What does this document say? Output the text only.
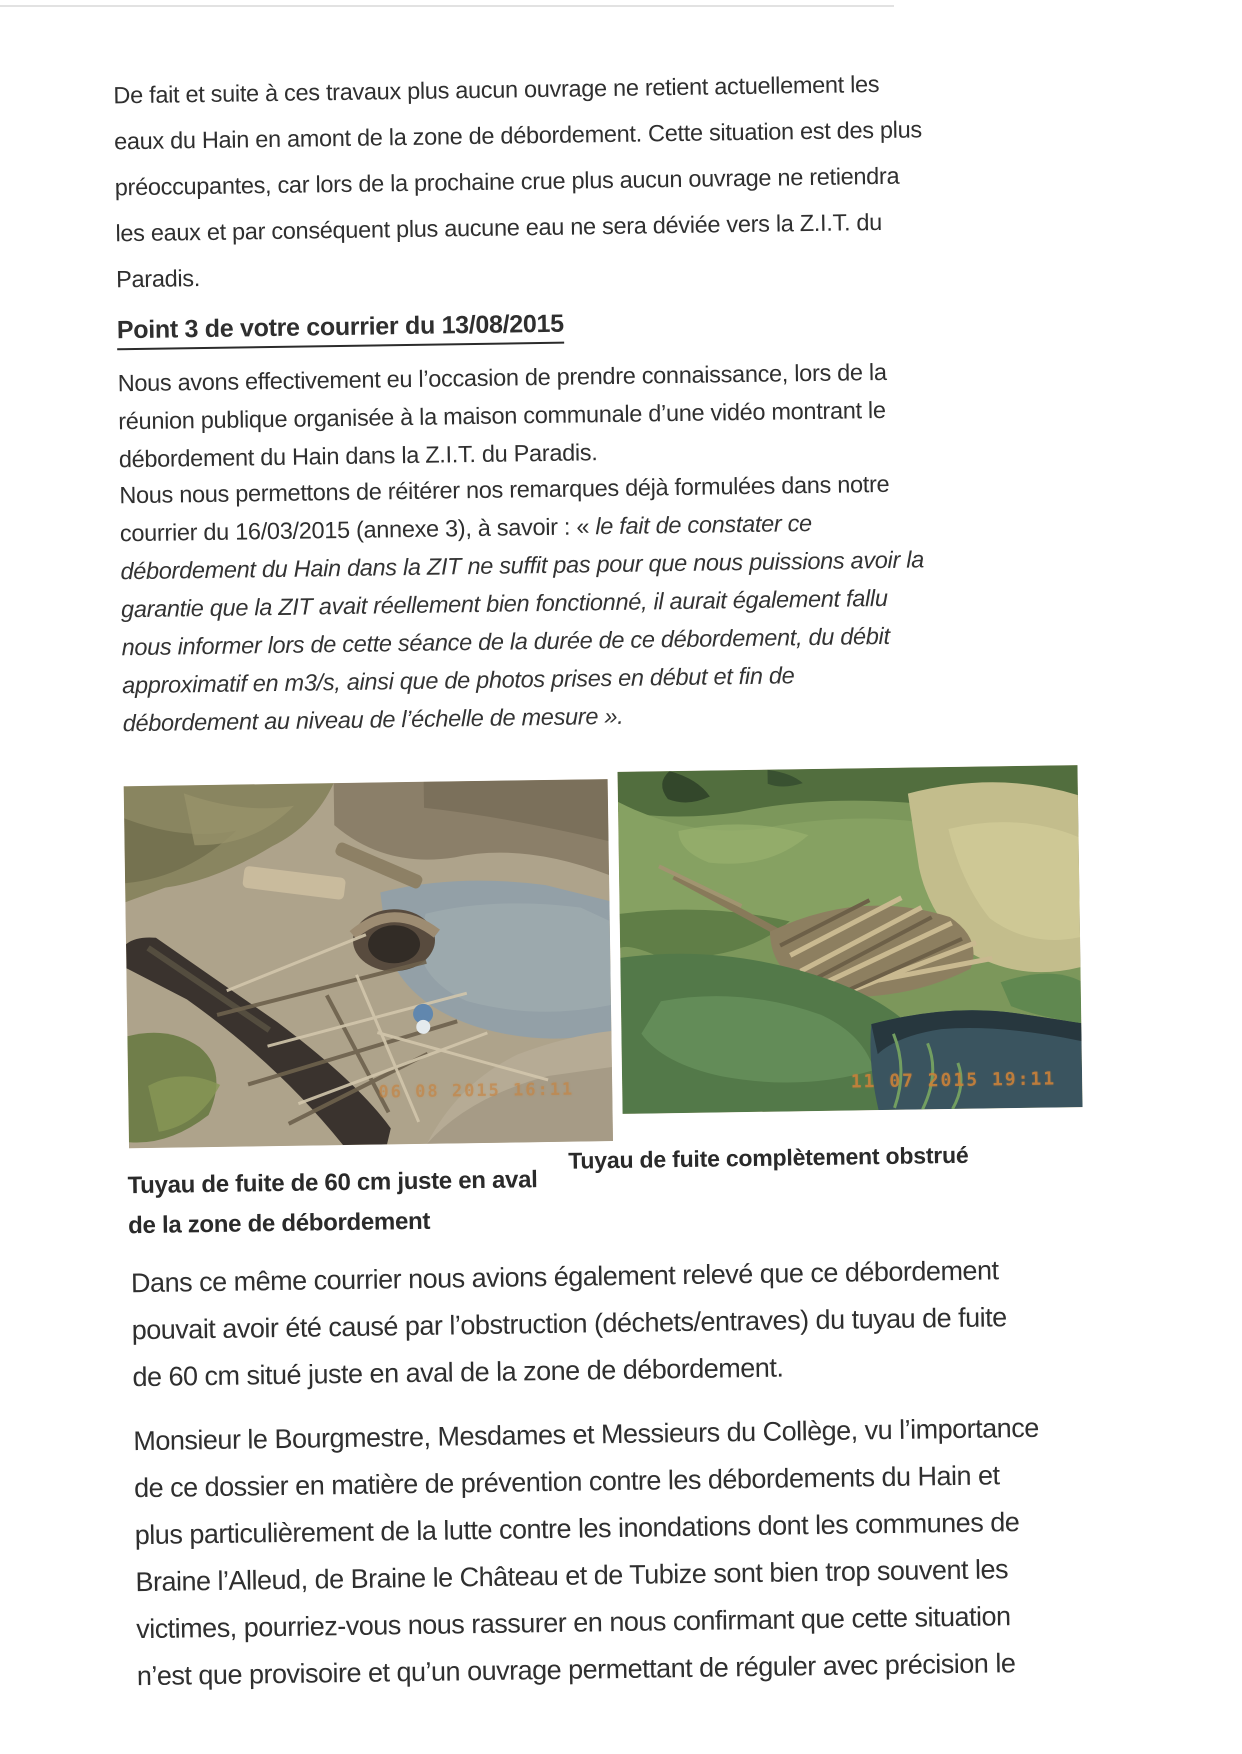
De fait et suite à ces travaux plus aucun ouvrage ne retient actuellement les
eaux du Hain en amont de la zone de débordement. Cette situation est des plus
préoccupantes, car lors de la prochaine crue plus aucun ouvrage ne retiendra
les eaux et par conséquent plus aucune eau ne sera déviée vers la Z.I.T. du
Paradis.
Point 3 de votre courrier du 13/08/2015
Nous avons effectivement eu l’occasion de prendre connaissance, lors de la
réunion publique organisée à la maison communale d’une vidéo montrant le
débordement du Hain dans la Z.I.T. du Paradis.
Nous nous permettons de réitérer nos remarques déjà formulées dans notre
courrier du 16/03/2015 (annexe 3), à savoir : « le fait de constater ce
débordement du Hain dans la ZIT ne suffit pas pour que nous puissions avoir la
garantie que la ZIT avait réellement bien fonctionné, il aurait également fallu
nous informer lors de cette séance de la durée de ce débordement, du débit
approximatif en m3/s, ainsi que de photos prises en début et fin de
débordement au niveau de l’échelle de mesure ».
06 08 2015 16:11	11 07 2015 19:11
Tuyau de fuite de 60 cm juste en aval
de la zone de débordement
Tuyau de fuite complètement obstrué
Dans ce même courrier nous avions également relevé que ce débordement
pouvait avoir été causé par l’obstruction (déchets/entraves) du tuyau de fuite
de 60 cm situé juste en aval de la zone de débordement.
Monsieur le Bourgmestre, Mesdames et Messieurs du Collège, vu l’importance
de ce dossier en matière de prévention contre les débordements du Hain et
plus particulièrement de la lutte contre les inondations dont les communes de
Braine l’Alleud, de Braine le Château et de Tubize sont bien trop souvent les
victimes, pourriez-vous nous rassurer en nous confirmant que cette situation
n’est que provisoire et qu’un ouvrage permettant de réguler avec précision le
